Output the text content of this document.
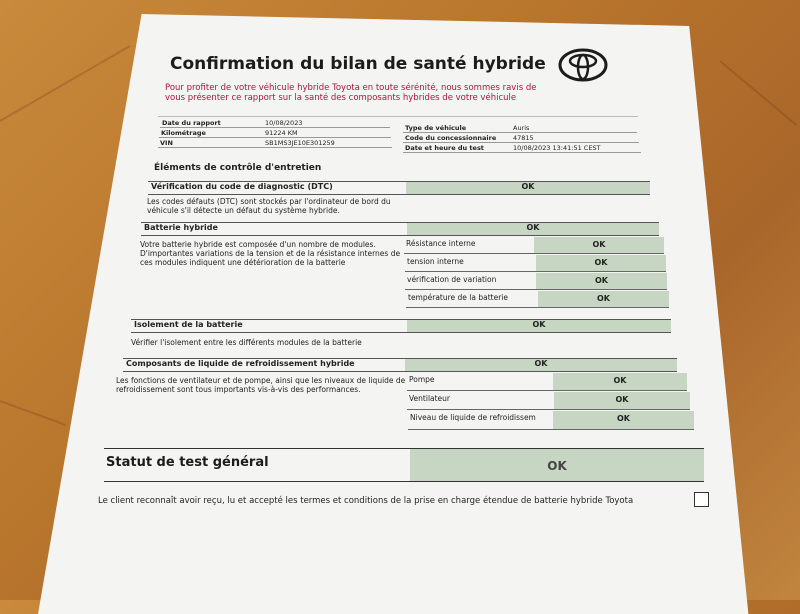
Confirmation du bilan de santé hybride
Pour profiter de votre véhicule hybride Toyota en toute sérénité, nous sommes ravis de vous présenter ce rapport sur la santé des composants hybrides de votre véhicule
Date du rapport	10/08/2023
Kilométrage	91224 KM
VIN	SB1MS3JE10E301259
Type de véhicule	Auris
Code du concessionnaire	47815
Date et heure du test	10/08/2023 13:41:51 CEST
Éléments de contrôle d'entretien
Vérification du code de diagnostic (DTC)	OK
Les codes défauts (DTC) sont stockés par l'ordinateur de bord du véhicule s'il détecte un défaut du système hybride.
Batterie hybride	OK
Votre batterie hybride est composée d'un nombre de modules. D'importantes variations de la tension et de la résistance internes de ces modules indiquent une détérioration de la batterie
Résistance interne	OK
tension interne	OK
vérification de variation	OK
température de la batterie	OK
Isolement de la batterie	OK
Vérifier l'isolement entre les différents modules de la batterie
Composants de liquide de refroidissement hybride	OK
Les fonctions de ventilateur et de pompe, ainsi que les niveaux de liquide de refroidissement sont tous importants vis-à-vis des performances.
Pompe	OK
Ventilateur	OK
Niveau de liquide de refroidissem	OK
Statut de test général	OK
Le client reconnaît avoir reçu, lu et accepté les termes et conditions de la prise en charge étendue de batterie hybride Toyota
